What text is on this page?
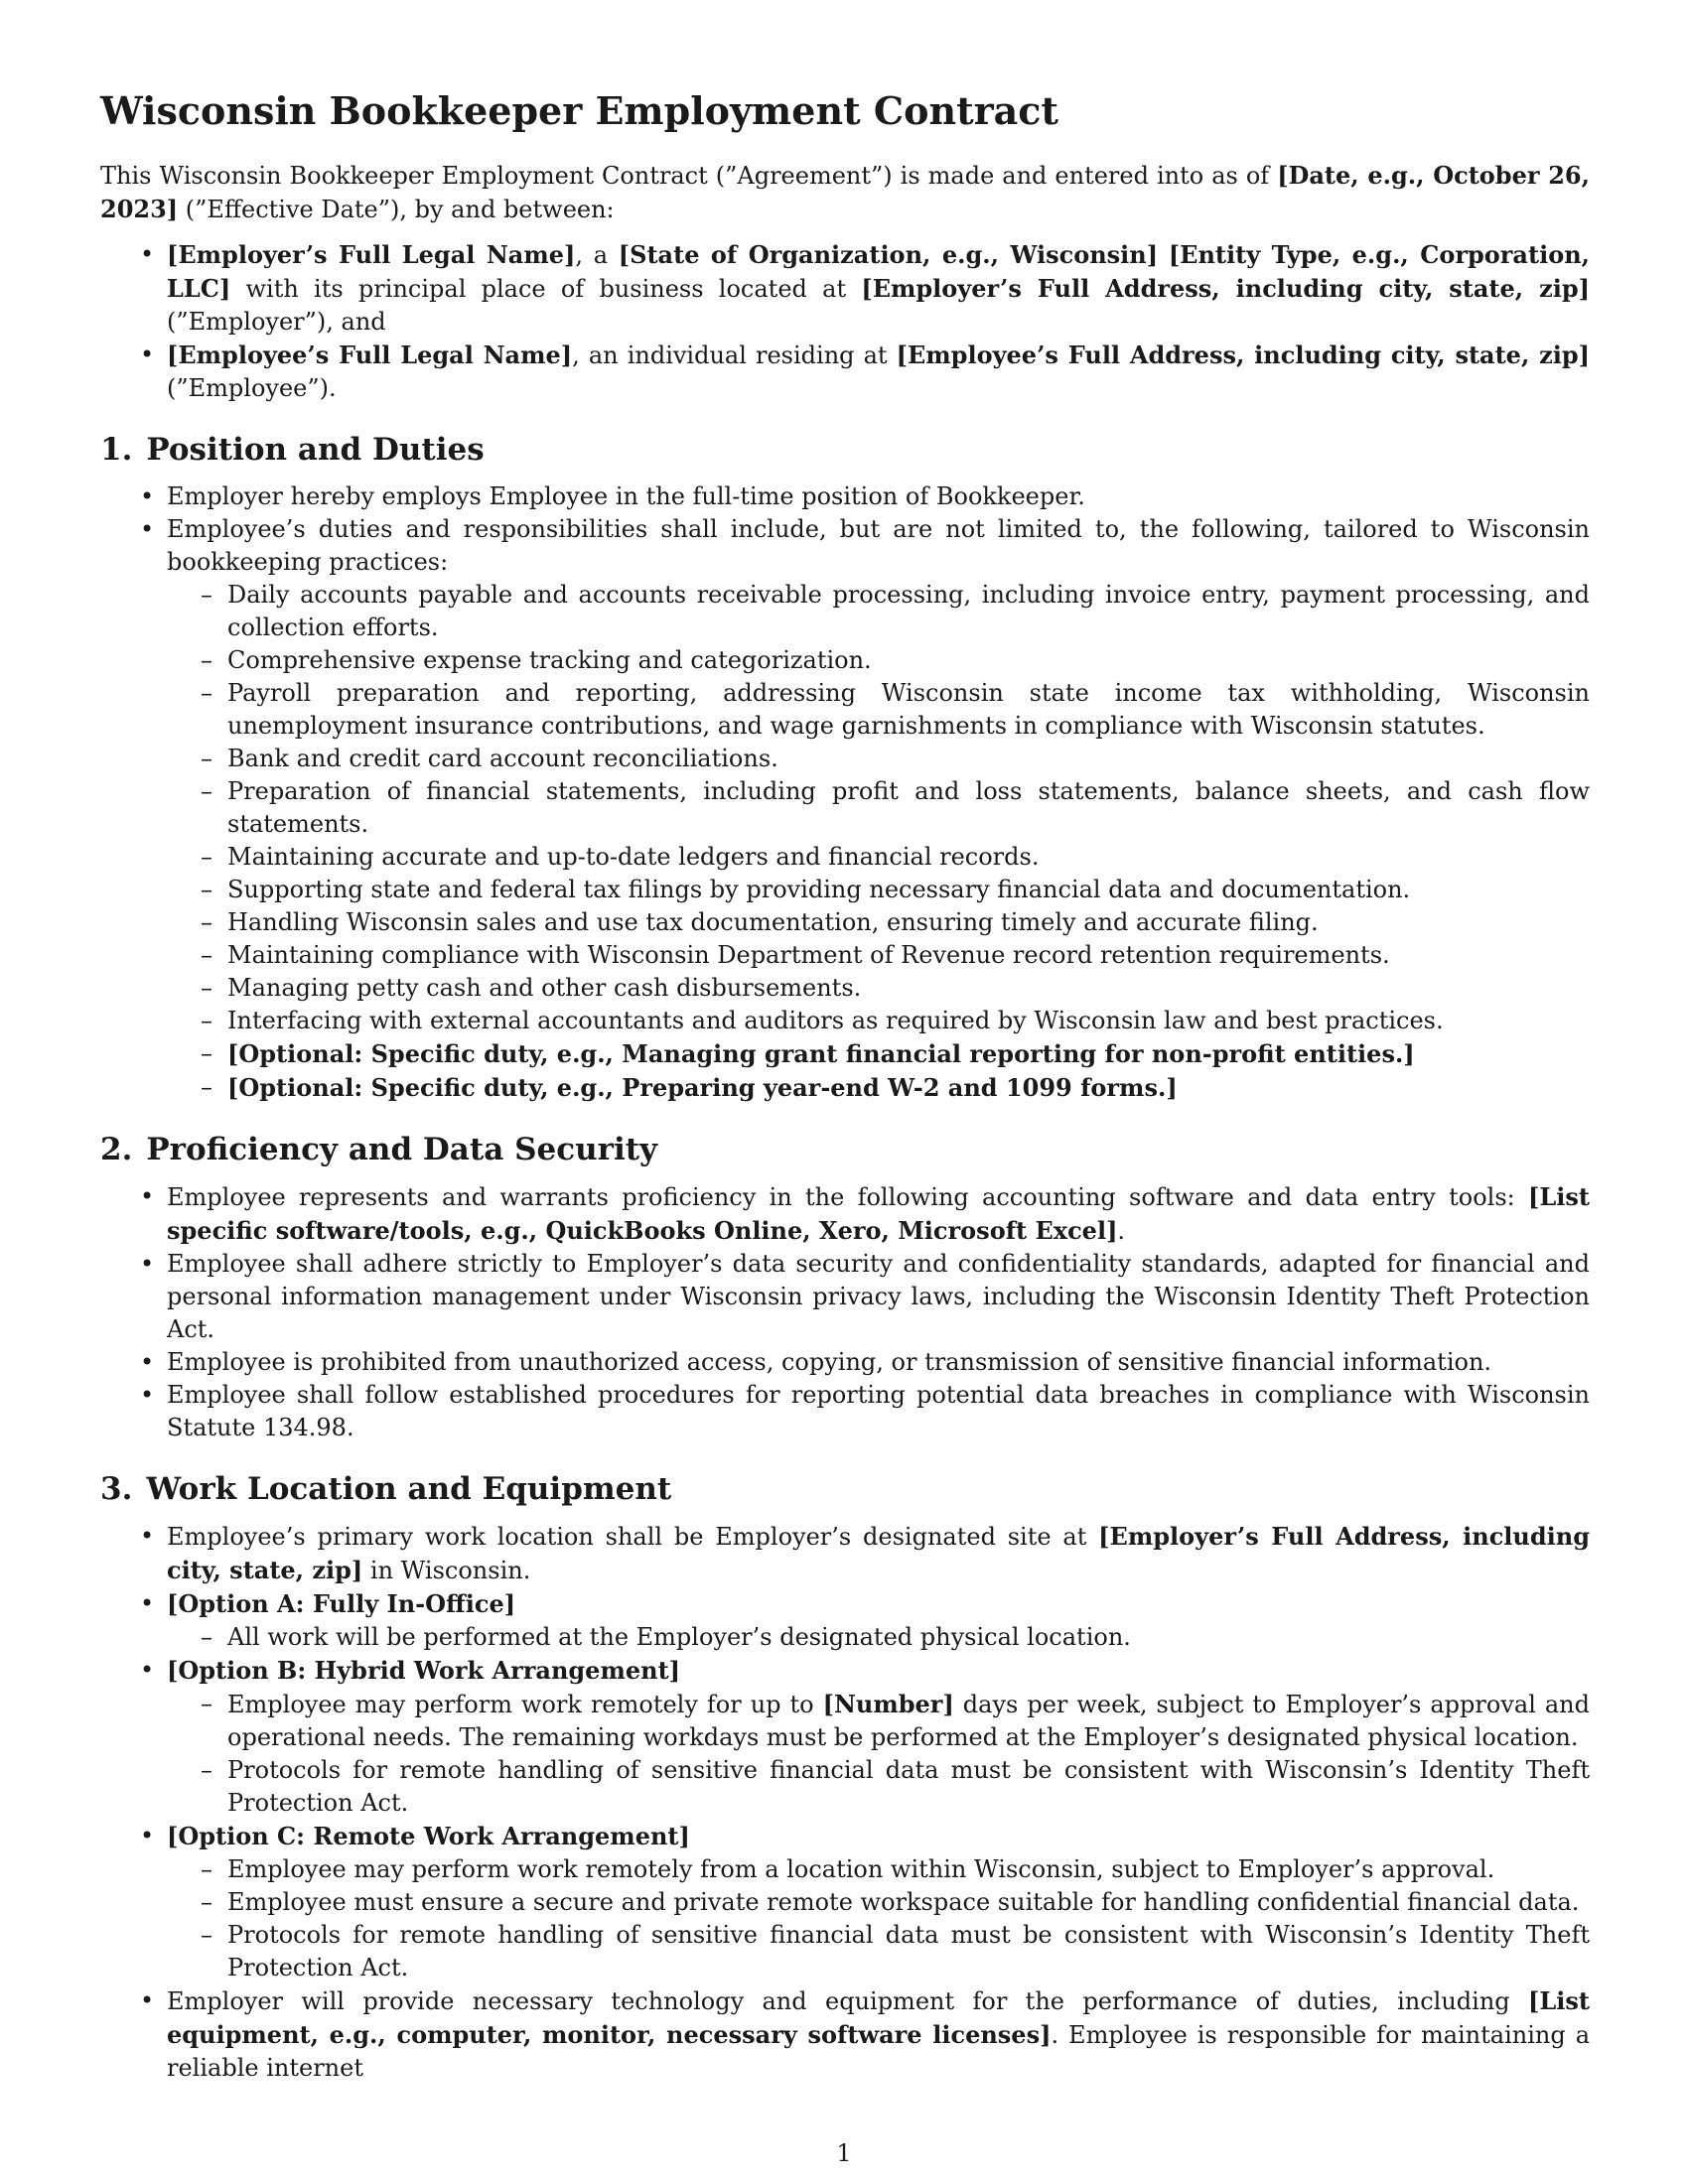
Wisconsin Bookkeeper Employment Contract

This Wisconsin Bookkeeper Employment Contract (”Agreement”) is made and entered into as of [Date, e.g., October 26, 2023] (”Effective Date”), by and between:

• [Employer’s Full Legal Name], a [State of Organization, e.g., Wisconsin] [Entity Type, e.g., Corporation, LLC] with its principal place of business located at [Employer’s Full Address, including city, state, zip] (”Employer”), and
• [Employee’s Full Legal Name], an individual residing at [Employee’s Full Address, including city, state, zip] (”Employee”).
1. Position and Duties
• Employer hereby employs Employee in the full-time position of Bookkeeper.
• Employee’s duties and responsibilities shall include, but are not limited to, the following, tailored to Wisconsin bookkeeping practices:
– Daily accounts payable and accounts receivable processing, including invoice entry, payment processing, and collection efforts.
– Comprehensive expense tracking and categorization.
– Payroll preparation and reporting, addressing Wisconsin state income tax withholding, Wisconsin unemployment insurance contributions, and wage garnishments in compliance with Wisconsin statutes.
– Bank and credit card account reconciliations.
– Preparation of financial statements, including profit and loss statements, balance sheets, and cash flow statements.
– Maintaining accurate and up-to-date ledgers and financial records.
– Supporting state and federal tax filings by providing necessary financial data and documentation.
– Handling Wisconsin sales and use tax documentation, ensuring timely and accurate filing.
– Maintaining compliance with Wisconsin Department of Revenue record retention requirements.
– Managing petty cash and other cash disbursements.
– Interfacing with external accountants and auditors as required by Wisconsin law and best practices.
– [Optional: Specific duty, e.g., Managing grant financial reporting for non-profit entities.]
– [Optional: Specific duty, e.g., Preparing year-end W-2 and 1099 forms.]
2. Proficiency and Data Security
• Employee represents and warrants proficiency in the following accounting software and data entry tools: [List specific software/tools, e.g., QuickBooks Online, Xero, Microsoft Excel].
• Employee shall adhere strictly to Employer’s data security and confidentiality standards, adapted for financial and personal information management under Wisconsin privacy laws, including the Wisconsin Identity Theft Protection Act.
• Employee is prohibited from unauthorized access, copying, or transmission of sensitive financial information.
• Employee shall follow established procedures for reporting potential data breaches in compliance with Wisconsin Statute 134.98.
3. Work Location and Equipment
• Employee’s primary work location shall be Employer’s designated site at [Employer’s Full Address, including city, state, zip] in Wisconsin.
• [Option A: Fully In-Office]
– All work will be performed at the Employer’s designated physical location.
• [Option B: Hybrid Work Arrangement]
– Employee may perform work remotely for up to [Number] days per week, subject to Employer’s approval and operational needs. The remaining workdays must be performed at the Employer’s designated physical location.
– Protocols for remote handling of sensitive financial data must be consistent with Wisconsin’s Identity Theft Protection Act.
• [Option C: Remote Work Arrangement]
– Employee may perform work remotely from a location within Wisconsin, subject to Employer’s approval.
– Employee must ensure a secure and private remote workspace suitable for handling confidential financial data.
– Protocols for remote handling of sensitive financial data must be consistent with Wisconsin’s Identity Theft Protection Act.
• Employer will provide necessary technology and equipment for the performance of duties, including [List equipment, e.g., computer, monitor, necessary software licenses]. Employee is responsible for maintaining a reliable internet
1
